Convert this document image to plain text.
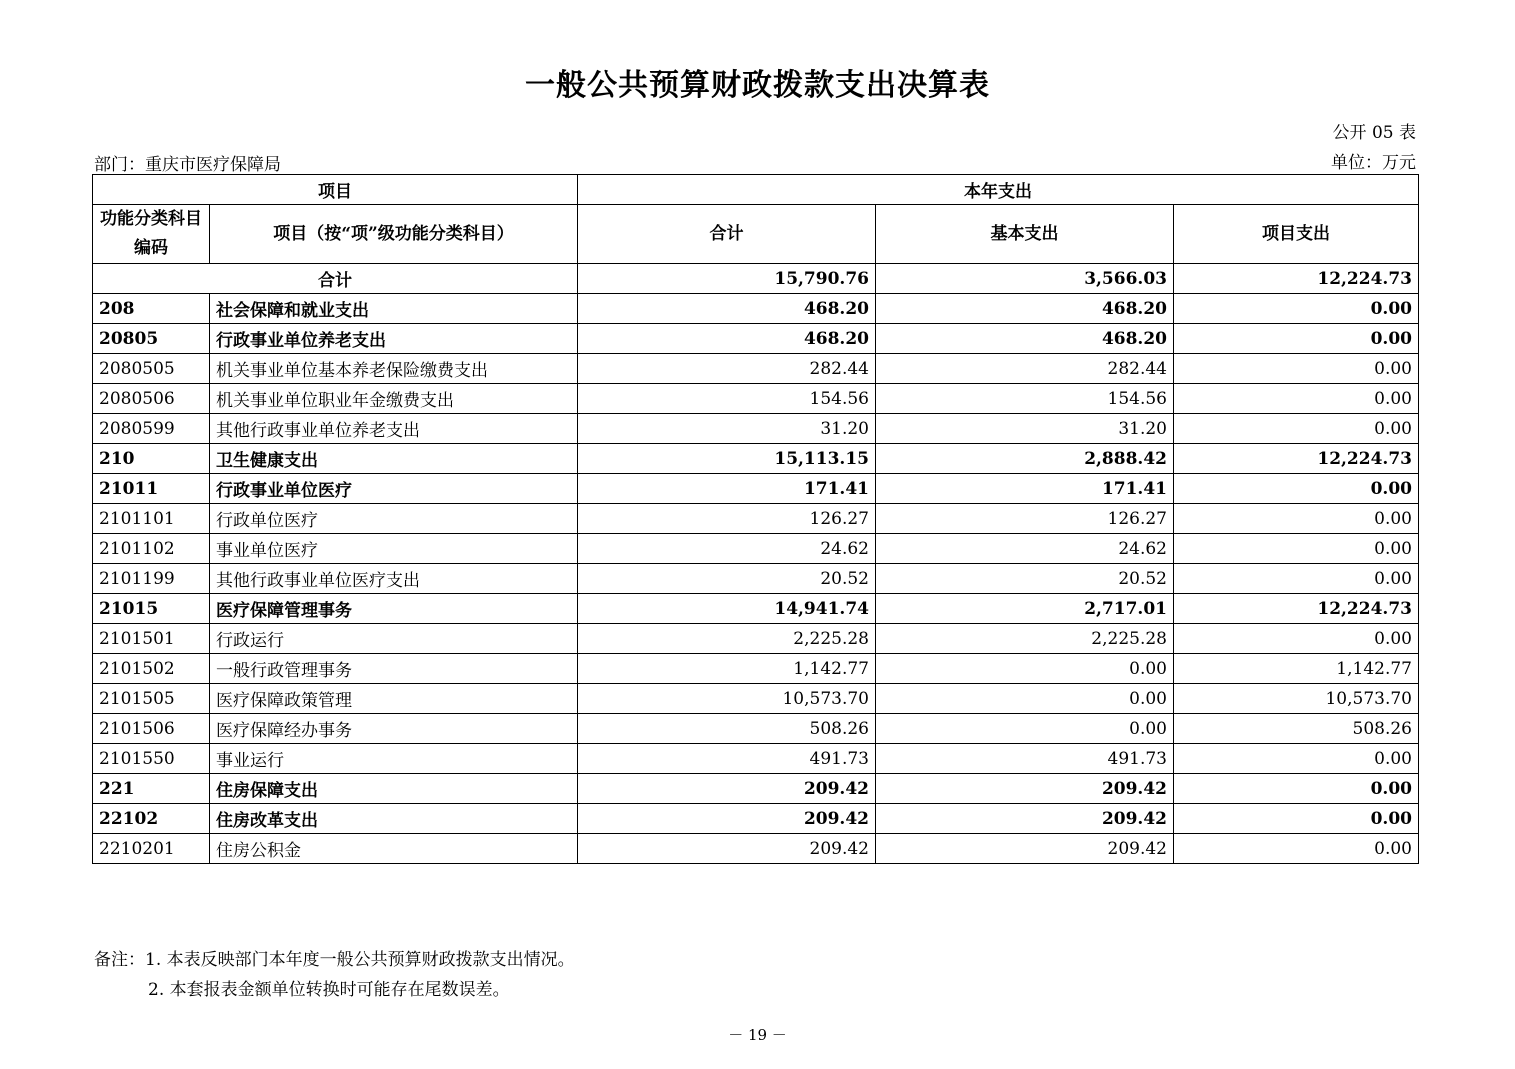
一般公共预算财政拨款支出决算表
公开 05 表
部门：重庆市医疗保障局	单位：万元
项目		本年支出		
功能分类科目
编码	项目（按“项”级功能分类科目）	合计	基本支出	项目支出
合计		15,790.76	3,566.03	12,224.73
208	社会保障和就业支出	468.20	468.20	0.00
20805	行政事业单位养老支出	468.20	468.20	0.00
2080505	机关事业单位基本养老保险缴费支出	282.44	282.44	0.00
2080506	机关事业单位职业年金缴费支出	154.56	154.56	0.00
2080599	其他行政事业单位养老支出	31.20	31.20	0.00
210	卫生健康支出	15,113.15	2,888.42	12,224.73
21011	行政事业单位医疗	171.41	171.41	0.00
2101101	行政单位医疗	126.27	126.27	0.00
2101102	事业单位医疗	24.62	24.62	0.00
2101199	其他行政事业单位医疗支出	20.52	20.52	0.00
21015	医疗保障管理事务	14,941.74	2,717.01	12,224.73
2101501	行政运行	2,225.28	2,225.28	0.00
2101502	一般行政管理事务	1,142.77	0.00	1,142.77
2101505	医疗保障政策管理	10,573.70	0.00	10,573.70
2101506	医疗保障经办事务	508.26	0.00	508.26
2101550	事业运行	491.73	491.73	0.00
221	住房保障支出	209.42	209.42	0.00
22102	住房改革支出	209.42	209.42	0.00
2210201	住房公积金	209.42	209.42	0.00
备注：1. 本表反映部门本年度一般公共预算财政拨款支出情况。
2. 本套报表金额单位转换时可能存在尾数误差。
－ 19 －
